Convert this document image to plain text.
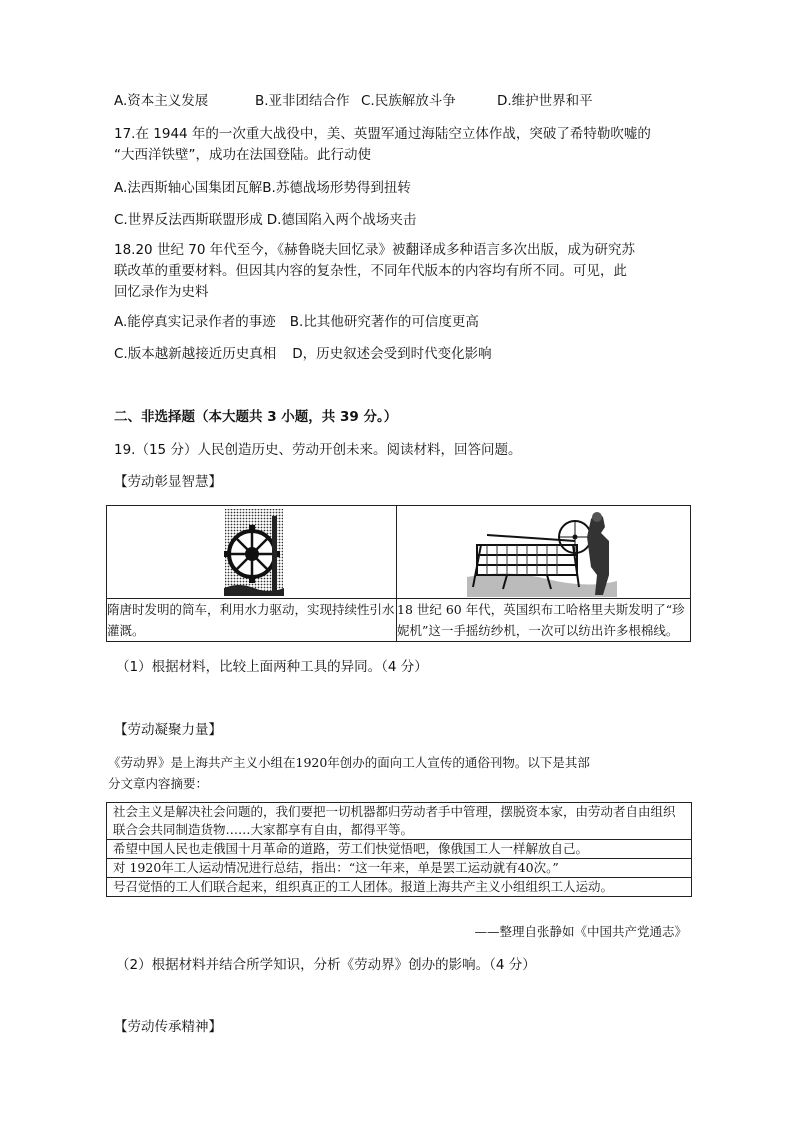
A.资本主义发展	B.亚非团结合作 C.民族解放斗争	D.维护世界和平
17.在 1944 年的一次重大战役中，美、英盟军通过海陆空立体作战，突破了希特勒吹嘘的
“大西洋铁壁”，成功在法国登陆。此行动使
A.法西斯轴心国集团瓦解B.苏德战场形势得到扭转
C.世界反法西斯联盟形成 D.德国陷入两个战场夹击
18.20 世纪 70 年代至今，《赫鲁晓夫回忆录》被翻译成多种语言多次出版，成为研究苏
联改革的重要材料。但因其内容的复杂性，不同年代版本的内容均有所不同。可见，此
回忆录作为史料
A.能停真实记录作者的事迹 B.比其他研究著作的可信度更高
C.版本越新越接近历史真相 D，历史叙述会受到时代变化影响
二、非选择题（本大题共 3 小题，共 39 分。）
19.（15 分）人民创造历史、劳动开创未来。阅读材料，回答问题。
【劳动彰显智慧】

隋唐时发明的筒车，利用水力驱动，实现持续性引水灌溉。	18 世纪 60 年代，英国织布工哈格里夫斯发明了“珍妮机”这一手摇纺纱机，一次可以纺出许多根棉线。
（1）根据材料，比较上面两种工具的异同。（4 分）
【劳动凝聚力量】
《劳动界》是上海共产主义小组在1920年创办的面向工人宣传的通俗刊物。以下是其部
分文章内容摘要：
社会主义是解决社会问题的，我们要把一切机器都归劳动者手中管理，摆脱资本家，由劳动者自由组织联合会共同制造货物……大家都享有自由，都得平等。
希望中国人民也走俄国十月革命的道路，劳工们快觉悟吧，像俄国工人一样解放自己。
对 1920年工人运动情况进行总结，指出：“这一年来，单是罢工运动就有40次。”
号召觉悟的工人们联合起来，组织真正的工人团体。报道上海共产主义小组组织工人运动。
——整理自张静如《中国共产党通志》
（2）根据材料并结合所学知识，分析《劳动界》创办的影响。（4 分）
【劳动传承精神】
